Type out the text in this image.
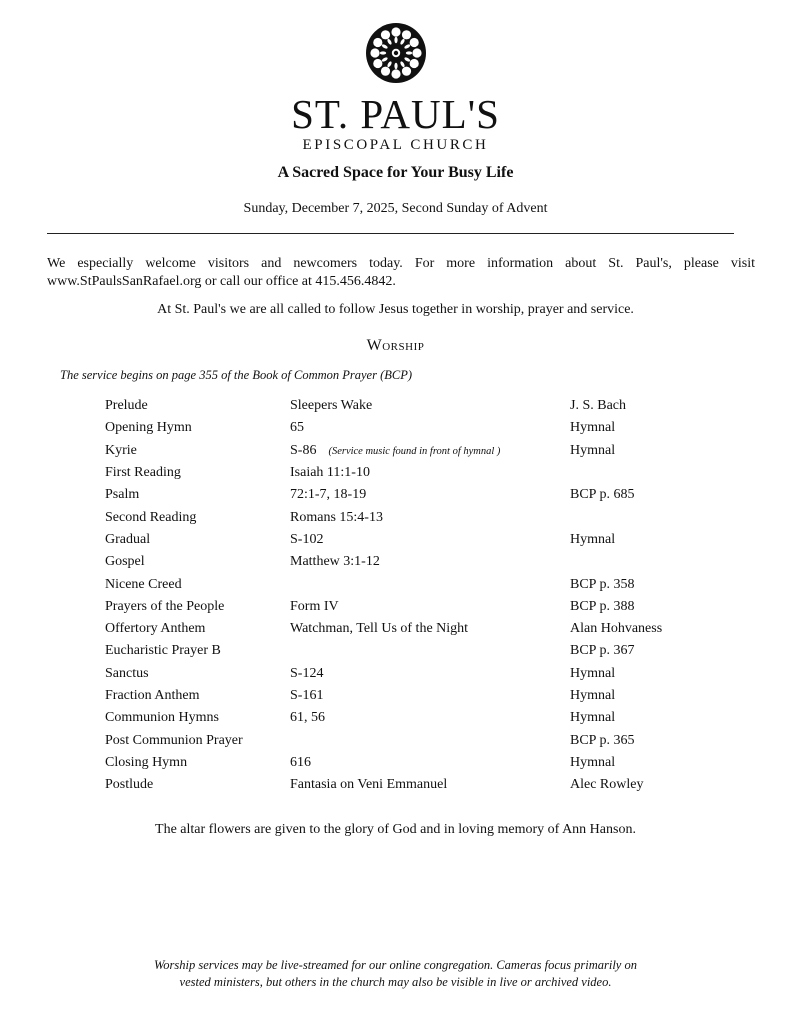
ST. PAUL'S
EPISCOPAL CHURCH
A Sacred Space for Your Busy Life
Sunday, December 7, 2025, Second Sunday of Advent
We especially welcome visitors and newcomers today. For more information about St. Paul's, please visit www.StPaulsSanRafael.org or call our office at 415.456.4842.
At St. Paul's we are all called to follow Jesus together in worship, prayer and service.
Worship
The service begins on page 355 of the Book of Common Prayer (BCP)
Prelude	Sleepers Wake	J. S. Bach
Opening Hymn	65	Hymnal
Kyrie	S-86 (Service music found in front of hymnal )	Hymnal
First Reading	Isaiah 11:1-10	
Psalm	72:1-7, 18-19	BCP p. 685
Second Reading	Romans 15:4-13	
Gradual	S-102	Hymnal
Gospel	Matthew 3:1-12	
Nicene Creed		BCP p. 358
Prayers of the People	Form IV	BCP p. 388
Offertory Anthem	Watchman, Tell Us of the Night	Alan Hohvaness
Eucharistic Prayer B		BCP p. 367
Sanctus	S-124	Hymnal
Fraction Anthem	S-161	Hymnal
Communion Hymns	61, 56	Hymnal
Post Communion Prayer		BCP p. 365
Closing Hymn	616	Hymnal
Postlude	Fantasia on Veni Emmanuel	Alec Rowley
The altar flowers are given to the glory of God and in loving memory of Ann Hanson.
Worship services may be live-streamed for our online congregation. Cameras focus primarily on
vested ministers, but others in the church may also be visible in live or archived video.
